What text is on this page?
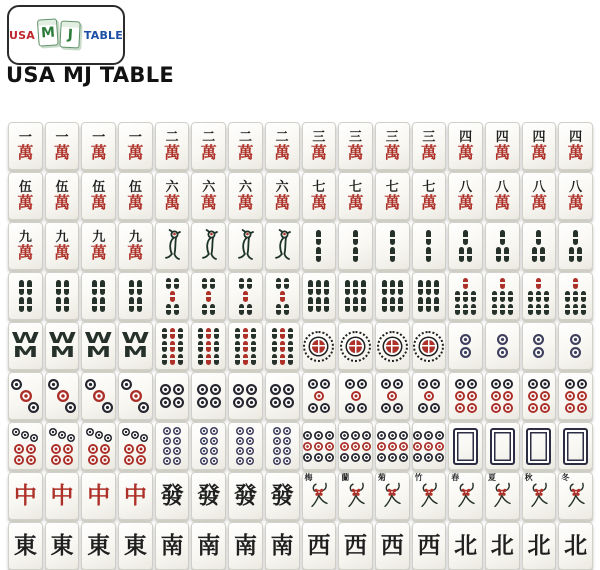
USA M J TABLE
USA MJ TABLE
一
萬
一
萬
一
萬
一
萬
二
萬
二
萬
二
萬
二
萬
三
萬
三
萬
三
萬
三
萬
四
萬
四
萬
四
萬
四
萬
伍
萬
伍
萬
伍
萬
伍
萬
六
萬
六
萬
六
萬
六
萬
七
萬
七
萬
七
萬
七
萬
八
萬
八
萬
八
萬
八
萬
九
萬
九
萬
九
萬
九
萬
W
M
W
M
W
M
W
M
中 中 中 中 發 發 發 發
梅	蘭	菊	竹	春	夏	秋	冬
東 東 東 東 南 南 南 南 西 西 西 西 北 北 北 北
